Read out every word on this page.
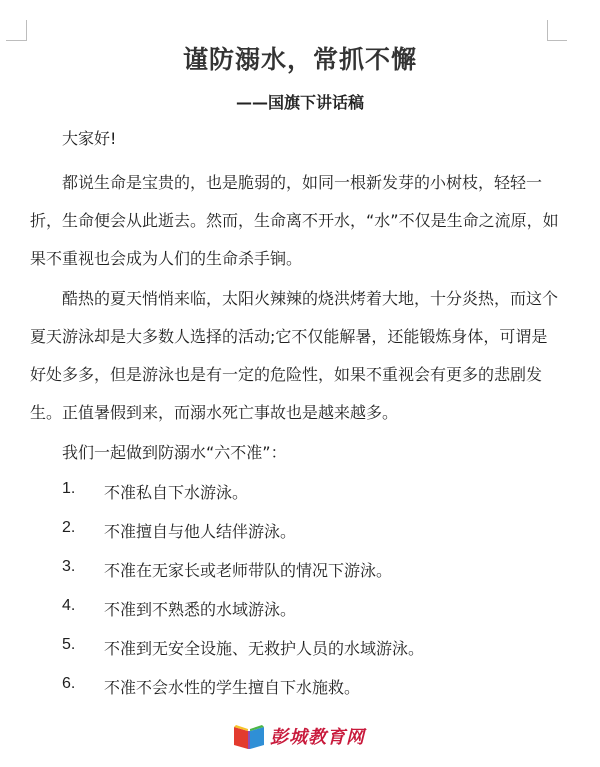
谨防溺水，常抓不懈
——国旗下讲话稿
大家好!
都说生命是宝贵的，也是脆弱的，如同一根新发芽的小树枝，轻轻一折，生命便会从此逝去。然而，生命离不开水，“水”不仅是生命之流原，如果不重视也会成为人们的生命杀手锏。
酷热的夏天悄悄来临，太阳火辣辣的烧洪烤着大地，十分炎热，而这个夏天游泳却是大多数人选择的活动;它不仅能解暑，还能锻炼身体，可谓是好处多多，但是游泳也是有一定的危险性，如果不重视会有更多的悲剧发生。正值暑假到来，而溺水死亡事故也是越来越多。
我们一起做到防溺水“六不准”：
1.	不准私自下水游泳。
2.	不准擅自与他人结伴游泳。
3.	不准在无家长或老师带队的情况下游泳。
4.	不准到不熟悉的水域游泳。
5.	不准到无安全设施、无救护人员的水域游泳。
6.	不准不会水性的学生擅自下水施救。
彭城教育网
